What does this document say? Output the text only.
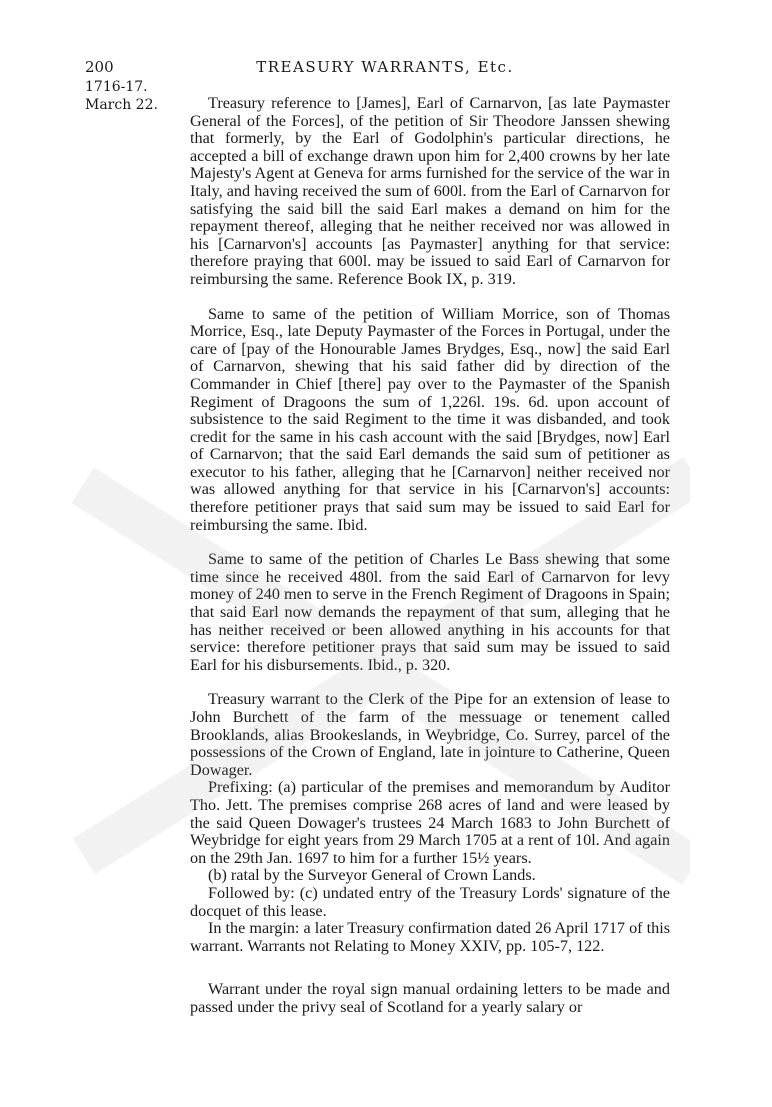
200	TREASURY WARRANTS, Etc.
1716-17.
March 22.	Treasury reference to [James], Earl of Carnarvon, [as late Paymaster General of the Forces], of the petition of Sir Theodore Janssen shewing that formerly, by the Earl of Godolphin's particular directions, he accepted a bill of exchange drawn upon him for 2,400 crowns by her late Majesty's Agent at Geneva for arms furnished for the service of the war in Italy, and having received the sum of 600l. from the Earl of Carnarvon for satisfying the said bill the said Earl makes a demand on him for the repayment thereof, alleging that he neither received nor was allowed in his [Carnarvon's] accounts [as Paymaster] anything for that service: therefore praying that 600l. may be issued to said Earl of Carnarvon for reimbursing the same. Reference Book IX, p. 319.

Same to same of the petition of William Morrice, son of Thomas Morrice, Esq., late Deputy Paymaster of the Forces in Portugal, under the care of [pay of the Honourable James Brydges, Esq., now] the said Earl of Carnarvon, shewing that his said father did by direction of the Commander in Chief [there] pay over to the Paymaster of the Spanish Regiment of Dragoons the sum of 1,226l. 19s. 6d. upon account of subsistence to the said Regiment to the time it was disbanded, and took credit for the same in his cash account with the said [Brydges, now] Earl of Carnarvon; that the said Earl demands the said sum of petitioner as executor to his father, alleging that he [Carnarvon] neither received nor was allowed anything for that service in his [Carnarvon's] accounts: therefore petitioner prays that said sum may be issued to said Earl for reimbursing the same. Ibid.

Same to same of the petition of Charles Le Bass shewing that some time since he received 480l. from the said Earl of Carnarvon for levy money of 240 men to serve in the French Regiment of Dragoons in Spain; that said Earl now demands the repayment of that sum, alleging that he has neither received or been allowed anything in his accounts for that service: therefore petitioner prays that said sum may be issued to said Earl for his disbursements. Ibid., p. 320.

Treasury warrant to the Clerk of the Pipe for an extension of lease to John Burchett of the farm of the messuage or tenement called Brooklands, alias Brookeslands, in Weybridge, Co. Surrey, parcel of the possessions of the Crown of England, late in jointure to Catherine, Queen Dowager.

Prefixing: (a) particular of the premises and memorandum by Auditor Tho. Jett. The premises comprise 268 acres of land and were leased by the said Queen Dowager's trustees 24 March 1683 to John Burchett of Weybridge for eight years from 29 March 1705 at a rent of 10l. And again on the 29th Jan. 1697 to him for a further 15½ years.

(b) ratal by the Surveyor General of Crown Lands.

Followed by: (c) undated entry of the Treasury Lords' signature of the docquet of this lease.

In the margin: a later Treasury confirmation dated 26 April 1717 of this warrant. Warrants not Relating to Money XXIV, pp. 105-7, 122.

Warrant under the royal sign manual ordaining letters to be made and passed under the privy seal of Scotland for a yearly salary or
